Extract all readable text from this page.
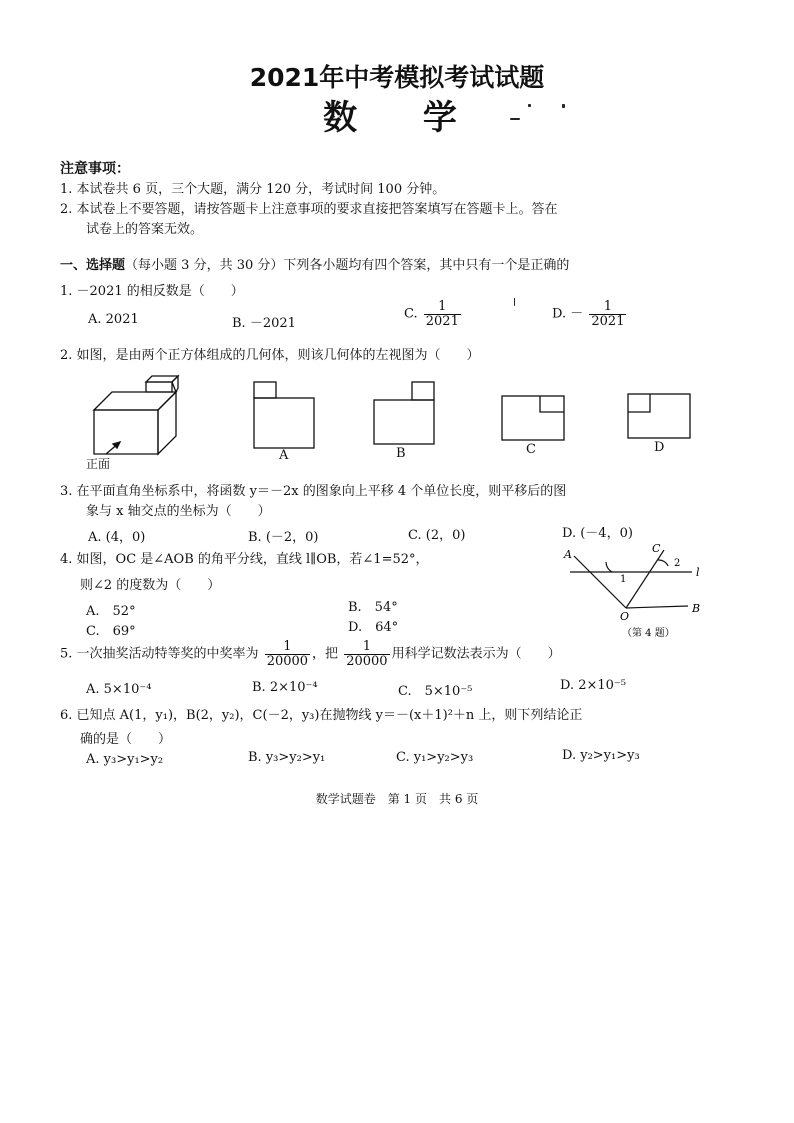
2021年中考模拟考试试题
数  学
注意事项：
1. 本试卷共 6 页，三个大题，满分 120 分，考试时间 100 分钟。
2. 本试卷上不要答题，请按答题卡上注意事项的要求直接把答案填写在答题卡上。答在
试卷上的答案无效。
一、选择题（每小题 3 分，共 30 分）下列各小题均有四个答案，其中只有一个是正确的
1. －2021 的相反数是（　　）
A. 2021	B. －2021
C. $\frac{1}{2021}$	D. － $\frac{1}{2021}$
2. 如图，是由两个正方体组成的几何体，则该几何体的左视图为（　　）
正面
A	B	C	D
3. 在平面直角坐标系中，将函数 y＝－2x 的图象向上平移 4 个单位长度，则平移后的图
象与 x 轴交点的坐标为（　　）
A. (4，0)	B. (－2，0)	C. (2，0)	D. (－4，0)
4. 如图，OC 是∠AOB 的角平分线，直线 l∥OB，若∠1=52°，
则∠2 的度数为（　　）
A.　52°	B.　54°
C.　69°	D.　64°
A	C
2
1
l
O
B
（第 4 题）
5. 一次抽奖活动特等奖的中奖率为 $\frac{1}{20000}$ ，把 $\frac{1}{20000}$ 用科学记数法表示为（　　）
A. 5×10⁻⁴	B. 2×10⁻⁴	C.　5×10⁻⁵	D. 2×10⁻⁵
6. 已知点 A(1，y₁)，B(2，y₂)，C(－2，y₃)在抛物线 y＝－(x＋1)²＋n 上，则下列结论正
确的是（　　）
A. y₃>y₁>y₂	B. y₃>y₂>y₁	C. y₁>y₂>y₃	D. y₂>y₁>y₃
数学试题卷　第 1 页　共 6 页
